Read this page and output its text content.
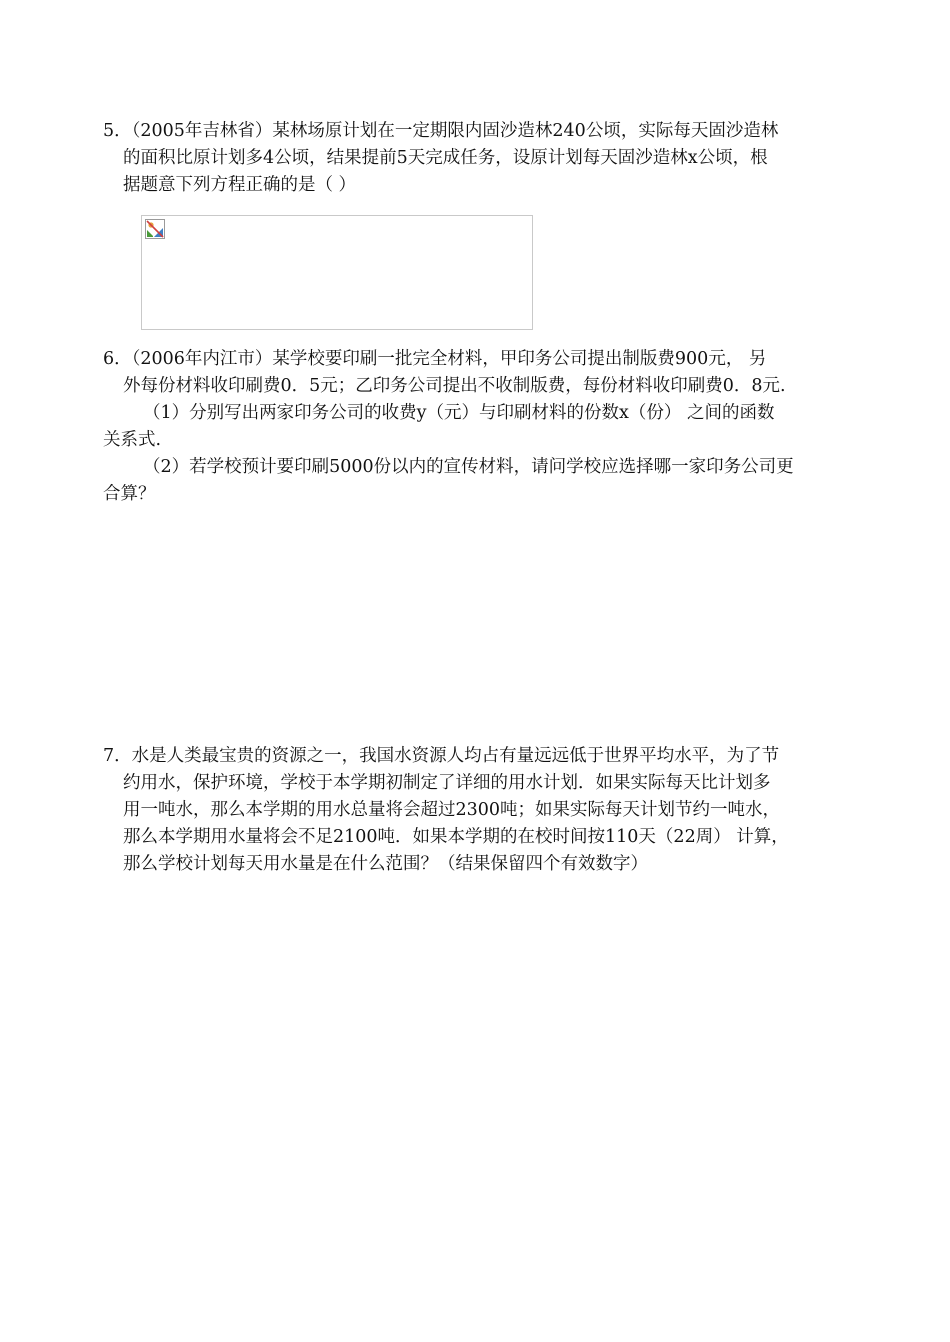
5．（2005年吉林省）某林场原计划在一定期限内固沙造林240公顷，实际每天固沙造林
的面积比原计划多4公顷，结果提前5天完成任务，设原计划每天固沙造林x公顷，根
据题意下列方程正确的是（ ）
6．（2006年内江市）某学校要印刷一批完全材料，甲印务公司提出制版费900元， 另
外每份材料收印刷费0．5元；乙印务公司提出不收制版费，每份材料收印刷费0．8元.
（1）分别写出两家印务公司的收费y（元）与印刷材料的份数x（份） 之间的函数
关系式.
（2）若学校预计要印刷5000份以内的宣传材料，请问学校应选择哪一家印务公司更
合算？
7．水是人类最宝贵的资源之一，我国水资源人均占有量远远低于世界平均水平，为了节
约用水，保护环境，学校于本学期初制定了详细的用水计划．如果实际每天比计划多
用一吨水，那么本学期的用水总量将会超过2300吨；如果实际每天计划节约一吨水，
那么本学期用水量将会不足2100吨．如果本学期的在校时间按110天（22周） 计算，
那么学校计划每天用水量是在什么范围？（结果保留四个有效数字）
